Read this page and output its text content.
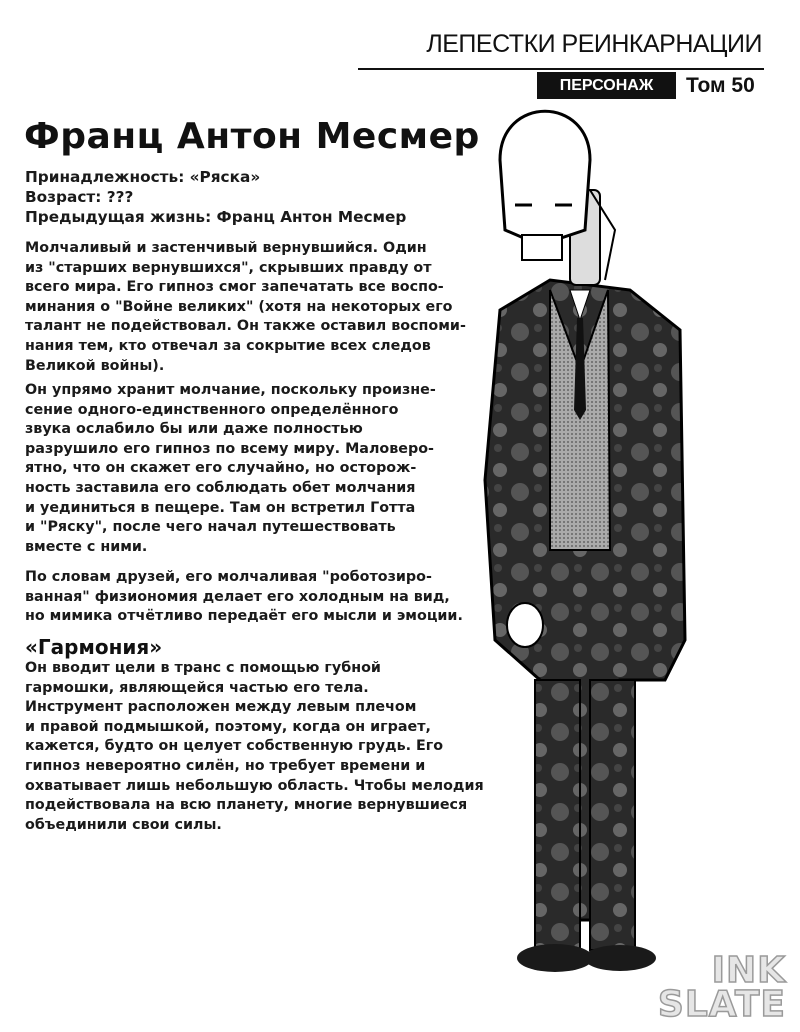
ЛЕПЕСТКИ РЕИНКАРНАЦИИ
ПЕРСОНАЖ	Том 50
Франц Антон Месмер
Принадлежность: «Ряска»
Возраст: ???
Предыдущая жизнь: Франц Антон Месмер
Молчаливый и застенчивый вернувшийся. Один
из "старших вернувшихся", скрывших правду от
всего мира. Его гипноз смог запечатать все воспо-
минания о "Войне великих" (хотя на некоторых его
талант не подействовал. Он также оставил воспоми-
нания тем, кто отвечал за сокрытие всех следов
Великой войны).
Он упрямо хранит молчание, поскольку произне-
сение одного-единственного определённого
звука ослабило бы или даже полностью
разрушило его гипноз по всему миру. Маловеро-
ятно, что он скажет его случайно, но осторож-
ность заставила его соблюдать обет молчания
и уединиться в пещере. Там он встретил Готта
и "Ряску", после чего начал путешествовать
вместе с ними.
По словам друзей, его молчаливая "роботозиро-
ванная" физиономия делает его холодным на вид,
но мимика отчётливо передаёт его мысли и эмоции.
«Гармония»
Он вводит цели в транс с помощью губной
гармошки, являющейся частью его тела.
Инструмент расположен между левым плечом
и правой подмышкой, поэтому, когда он играет,
кажется, будто он целует собственную грудь. Его
гипноз невероятно силён, но требует времени и
охватывает лишь небольшую область. Чтобы мелодия
подействовала на всю планету, многие вернувшиеся
объединили свои силы.
INK
SLATE
